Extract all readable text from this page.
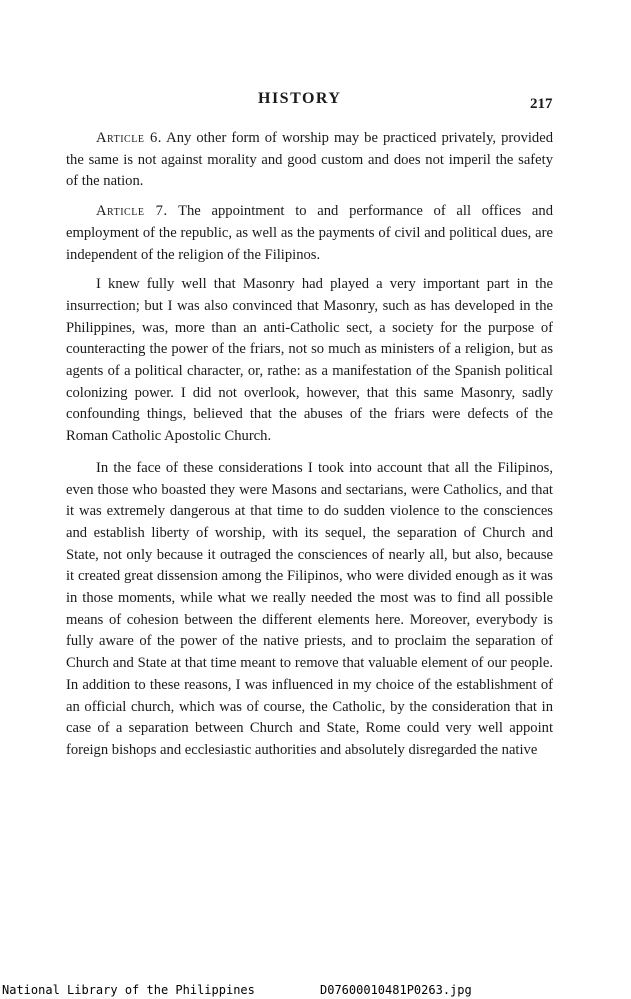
HISTORY	217

Article 6. Any other form of worship may be practiced privately, provided the same is not against morality and good custom and does not imperil the safety of the nation.

Article 7. The appointment to and performance of all offices and employment of the republic, as well as the payments of civil and political dues, are independent of the religion of the Filipinos.

I knew fully well that Masonry had played a very important part in the insurrection; but I was also convinced that Masonry, such as has developed in the Philippines, was, more than an anti-Catholic sect, a society for the purpose of counteracting the power of the friars, not so much as ministers of a religion, but as agents of a political character, or, rathe: as a manifestation of the Spanish political colonizing power. I did not overlook, however, that this same Masonry, sadly confounding things, believed that the abuses of the friars were defects of the Roman Catholic Apostolic Church.

In the face of these considerations I took into account that all the Filipinos, even those who boasted they were Masons and sectarians, were Catholics, and that it was extremely dangerous at that time to do sudden violence to the consciences and establish liberty of worship, with its sequel, the separation of Church and State, not only because it outraged the consciences of nearly all, but also, because it created great dissension among the Filipinos, who were divided enough as it was in those moments, while what we really needed the most was to find all possible means of cohesion between the different elements here. Moreover, everybody is fully aware of the power of the native priests, and to proclaim the separation of Church and State at that time meant to remove that valuable element of our people. In addition to these reasons, I was influenced in my choice of the establishment of an official church, which was of course, the Catholic, by the consideration that in case of a separation between Church and State, Rome could very well appoint foreign bishops and ecclesiastic authorities and absolutely disregarded the native

National Library of the Philippines	D07600010481P0263.jpg
